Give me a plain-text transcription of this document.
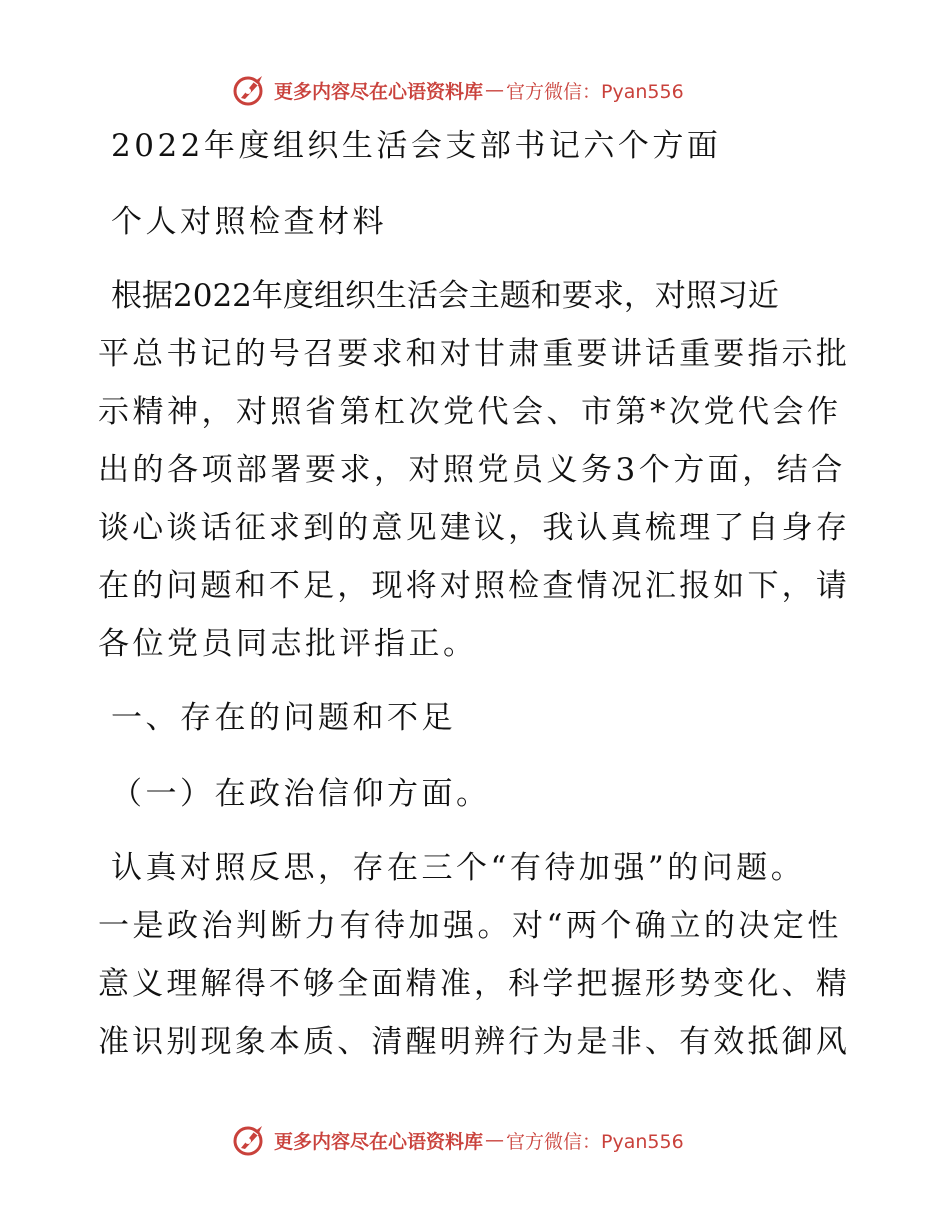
更多内容尽在心语资料库 — 官方微信：Pyan556
2022年度组织生活会支部书记六个方面
个人对照检查材料
根据2022年度组织生活会主题和要求，对照习近
平总书记的号召要求和对甘肃重要讲话重要指示批
示精神，对照省第杠次党代会、市第*次党代会作
出的各项部署要求，对照党员义务3个方面，结合
谈心谈话征求到的意见建议，我认真梳理了自身存
在的问题和不足，现将对照检查情况汇报如下，请
各位党员同志批评指正。
一、存在的问题和不足
（一）在政治信仰方面。
认真对照反思，存在三个“有待加强”的问题。
一是政治判断力有待加强。对“两个确立的决定性
意义理解得不够全面精准，科学把握形势变化、精
准识别现象本质、清醒明辨行为是非、有效抵御风
更多内容尽在心语资料库 — 官方微信：Pyan556
